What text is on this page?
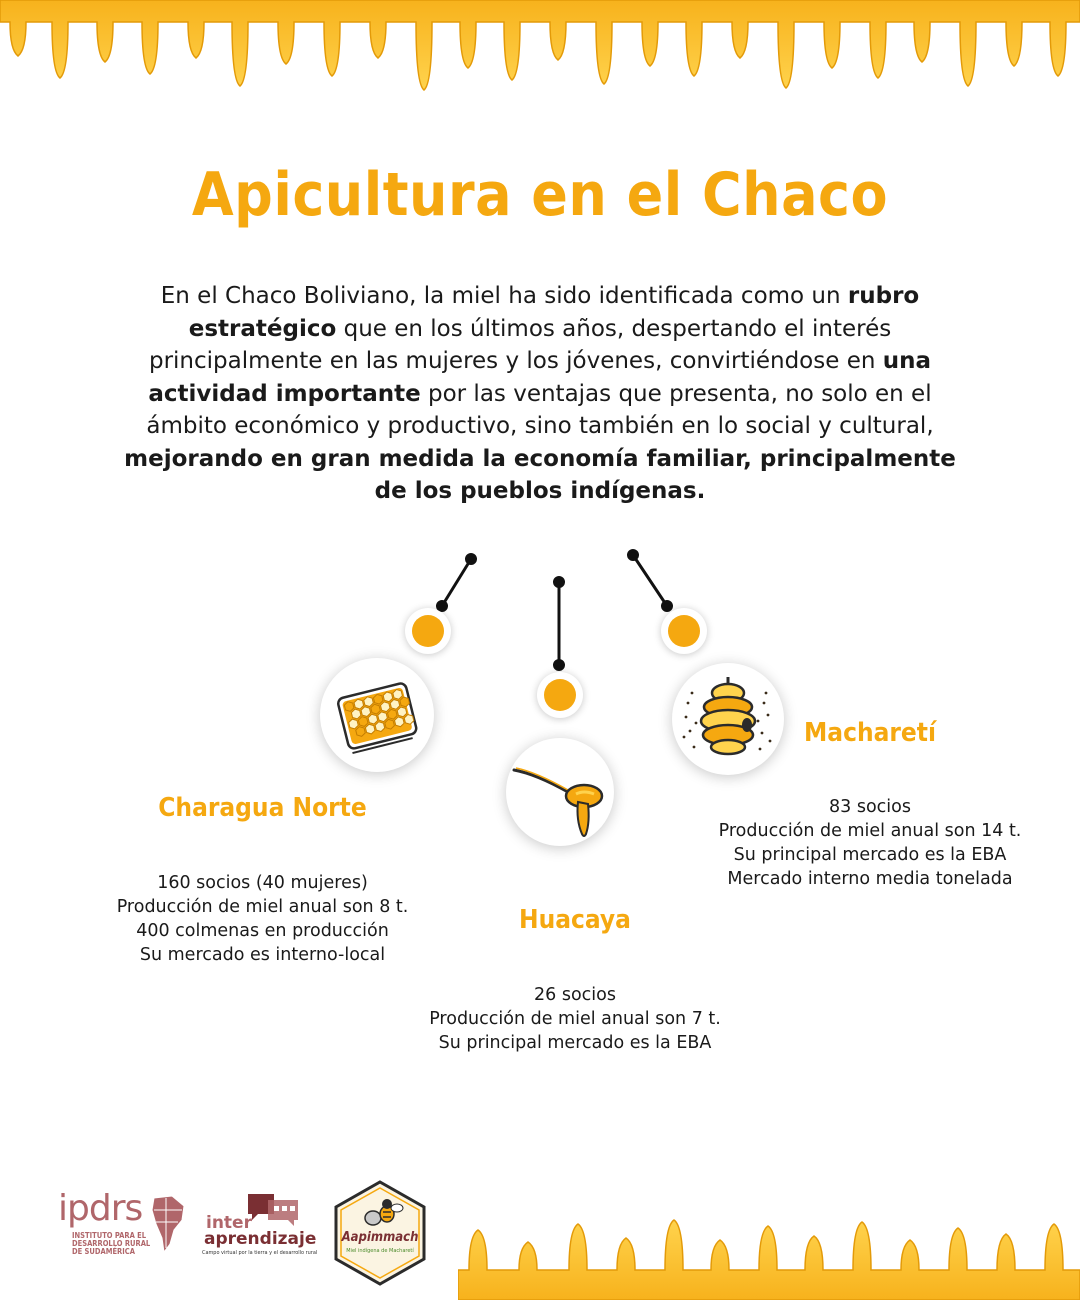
Apicultura en el Chaco
En el Chaco Boliviano, la miel ha sido identificada como un rubro estratégico que en los últimos años, despertando el interés principalmente en las mujeres y los jóvenes, convirtiéndose en una actividad importante por las ventajas que presenta, no solo en el ámbito económico y productivo, sino también en lo social y cultural, mejorando en gran medida la economía familiar, principalmente de los pueblos indígenas.
Charagua Norte
160 socios (40 mujeres)
Producción de miel anual son 8 t.
400 colmenas en producción
Su mercado es interno-local
Huacaya
26 socios
Producción de miel anual son 7 t.
Su principal mercado es la EBA
Macharetí
83 socios
Producción de miel anual son 14 t.
Su principal mercado es la EBA
Mercado interno media tonelada
ipdrs
INSTITUTO PARA EL DESARROLLO RURAL DE SUDAMÉRICA
inter
aprendizaje
Campo virtual por la tierra y el desarrollo rural
Aapimmach
Miel indígena de Macharetí
